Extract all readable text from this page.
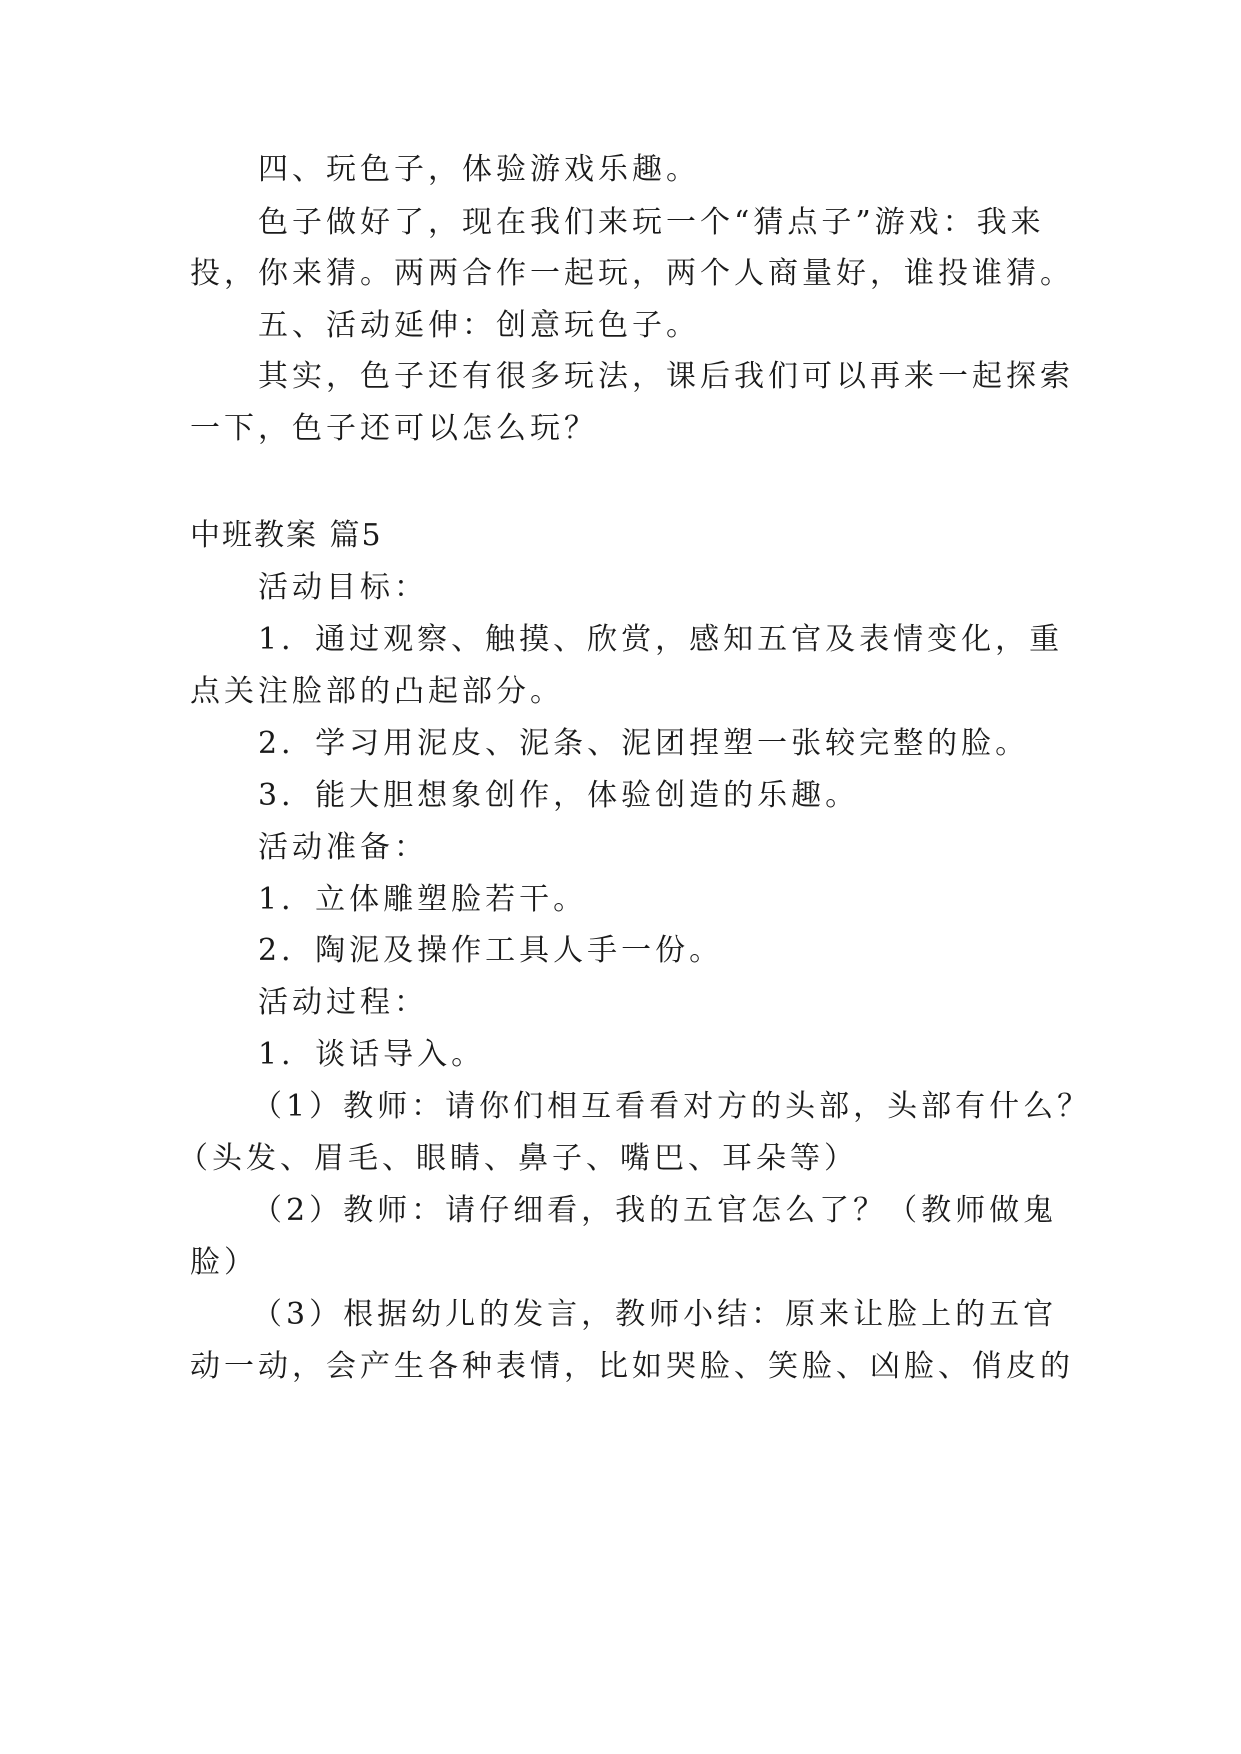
四、玩色子，体验游戏乐趣。
色子做好了，现在我们来玩一个“猜点子”游戏：我来
投，你来猜。两两合作一起玩，两个人商量好，谁投谁猜。
五、活动延伸：创意玩色子。
其实，色子还有很多玩法，课后我们可以再来一起探索
一下，色子还可以怎么玩？
中班教案 篇5
活动目标：
1．通过观察、触摸、欣赏，感知五官及表情变化，重
点关注脸部的凸起部分。
2．学习用泥皮、泥条、泥团捏塑一张较完整的脸。
3．能大胆想象创作，体验创造的乐趣。
活动准备：
1．立体雕塑脸若干。
2．陶泥及操作工具人手一份。
活动过程：
1．谈话导入。
（1）教师：请你们相互看看对方的头部，头部有什么？
（头发、眉毛、眼睛、鼻子、嘴巴、耳朵等）
（2）教师：请仔细看，我的五官怎么了？（教师做鬼
脸）
（3）根据幼儿的发言，教师小结：原来让脸上的五官
动一动，会产生各种表情，比如哭脸、笑脸、凶脸、俏皮的
